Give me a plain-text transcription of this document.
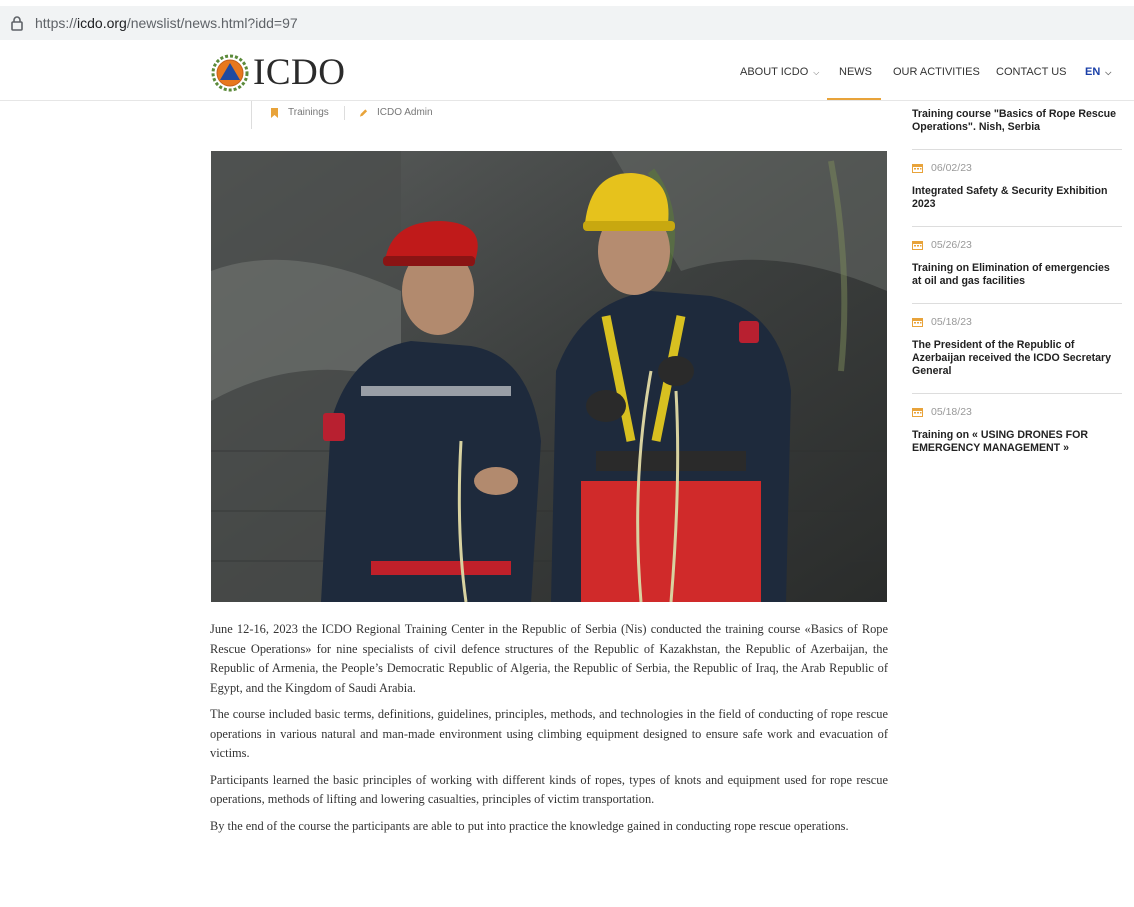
https://icdo.org/newslist/news.html?idd=97
ICDO	ABOUT ICDO ⌵ NEWS OUR ACTIVITIES CONTACT US EN ⌵
Trainings	ICDO Admin

June 12-16, 2023 the ICDO Regional Training Center in the Republic of Serbia (Nis) conducted the training course «Basics of Rope Rescue Operations» for nine specialists of civil defence structures of the Republic of Kazakhstan, the Republic of Azerbaijan, the Republic of Armenia, the People’s Democratic Republic of Algeria, the Republic of Serbia, the Republic of Iraq, the Arab Republic of Egypt, and the Kingdom of Saudi Arabia.

The course included basic terms, definitions, guidelines, principles, methods, and technologies in the field of conducting of rope rescue operations in various natural and man-made environment using climbing equipment designed to ensure safe work and evacuation of victims.

Participants learned the basic principles of working with different kinds of ropes, types of knots and equipment used for rope rescue operations, methods of lifting and lowering casualties, principles of victim transportation.

By the end of the course the participants are able to put into practice the knowledge gained in conducting rope rescue operations.

Training course "Basics of Rope Rescue Operations". Nish, Serbia
06/02/23
Integrated Safety & Security Exhibition 2023
05/26/23
Training on Elimination of emergencies at oil and gas facilities
05/18/23
The President of the Republic of Azerbaijan received the ICDO Secretary General
05/18/23
Training on « USING DRONES FOR EMERGENCY MANAGEMENT »
